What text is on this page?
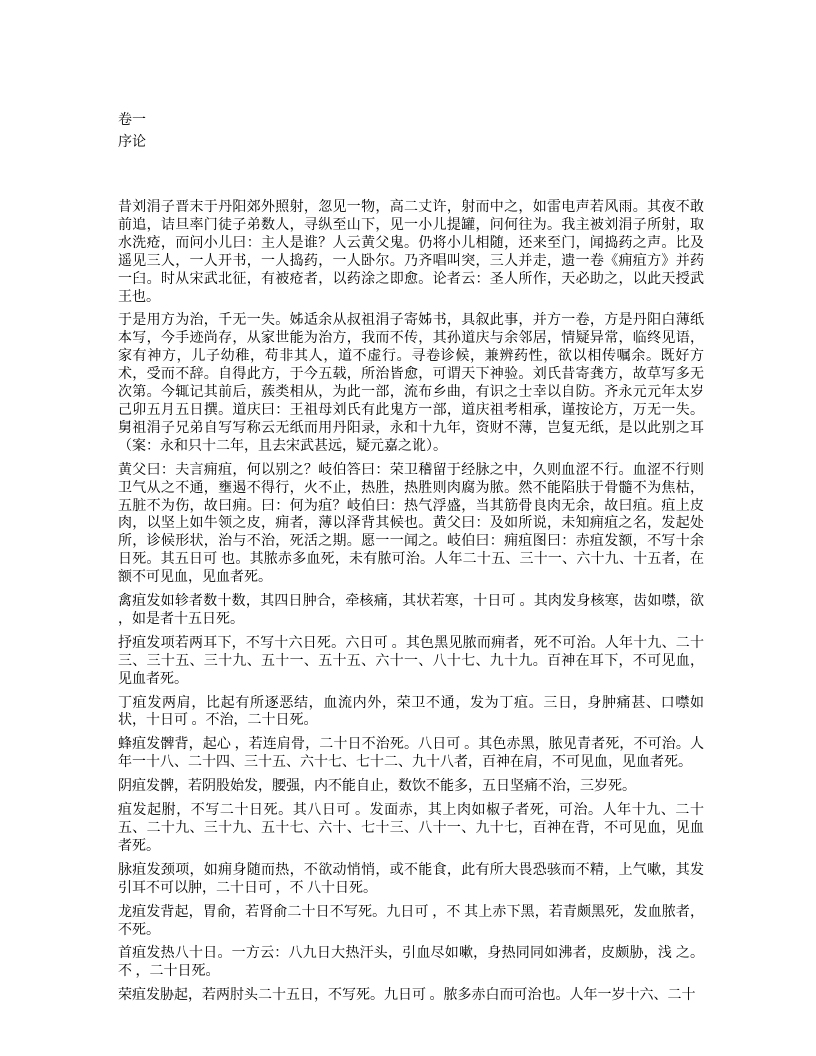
卷一
序论

昔刘涓子晋末于丹阳郊外照射，忽见一物，高二丈许，射而中之，如雷电声若风雨。其夜不敢前追，诘旦率门徒子弟数人，寻纵至山下，见一小儿提罐，问何往为。我主被刘涓子所射，取水洗疮，而问小儿曰：主人是谁？人云黄父鬼。仍将小儿相随，还来至门，闻捣药之声。比及遥见三人，一人开书，一人捣药，一人卧尔。乃齐唱叫突，三人并走，遗一卷《痈疽方》并药一臼。时从宋武北征，有被疮者，以药涂之即愈。论者云：圣人所作，天必助之，以此天授武王也。

于是用方为治，千无一失。姊适余从叔祖涓子寄姊书，具叙此事，并方一卷，方是丹阳白薄纸本写，今手迹尚存，从家世能为治方，我而不传，其孙道庆与余邻居，情疑异常，临终见语，家有神方，儿子幼稚，苟非其人，道不虚行。寻卷诊候，兼辨药性，欲以相传嘱余。既好方术，受而不辞。自得此方，于今五载，所治皆愈，可谓天下神验。刘氏昔寄龚方，故草写多无次第。今辄记其前后，蔟类相从，为此一部，流布乡曲，有识之士幸以自防。齐永元元年太岁己卯五月五日撰。道庆曰：王祖母刘氏有此鬼方一部，道庆祖考相承，谨按论方，万无一失。舅祖涓子兄弟自写写称云无纸而用丹阳录，永和十九年，资财不薄，岂复无纸，是以此别之耳（案：永和只十二年，且去宋武甚远，疑元嘉之讹）。

黄父曰：夫言痈疽，何以别之？岐伯答曰：荣卫稽留于经脉之中，久则血涩不行。血涩不行则卫气从之不通，壅遏不得行，火不止，热胜，热胜则肉腐为脓。然不能陷肤于骨髓不为焦枯，五脏不为伤，故曰痈。曰：何为疽？岐伯曰：热气浮盛，当其筋骨良肉无余，故曰疽。疽上皮肉，以坚上如牛领之皮，痈者，薄以泽背其候也。黄父曰：及如所说，未知痈疽之名，发起处所，诊候形状，治与不治，死活之期。愿一一闻之。岐伯曰：痈疽图曰：赤疽发额，不写十余日死。其五日可 也。其脓赤多血死，未有脓可治。人年二十五、三十一、六十九、十五者，在额不可见血，见血者死。

禽疽发如轸者数十数，其四日肿合，牵核痛，其状若寒，十日可 。其肉发身核寒，齿如噤，欲 ，如是者十五日死。

抒疽发项若两耳下，不写十六日死。六日可 。其色黑见脓而痈者，死不可治。人年十九、二十三、三十五、三十九、五十一、五十五、六十一、八十七、九十九。百神在耳下，不可见血，见血者死。

丁疽发两肩，比起有所逐恶结，血流内外，荣卫不通，发为丁疽。三日，身肿痛甚、口噤如 状，十日可 。不治，二十日死。

蜂疽发髀背，起心 ，若连肩骨，二十日不治死。八日可 。其色赤黑，脓见青者死，不可治。人年一十八、二十四、三十五、六十七、七十二、九十八者，百神在肩，不可见血，见血者死。

阴疽发髀，若阴股始发，腰强，内不能自止，数饮不能多，五日坚痛不治，三岁死。

疽发起胕，不写二十日死。其八日可 。发面赤，其上肉如椒子者死，可治。人年十九、二十五、二十九、三十九、五十七、六十、七十三、八十一、九十七，百神在背，不可见血，见血者死。

脉疽发颈项，如痈身随而热，不欲动悄悄，或不能食，此有所大畏恐骇而不精，上气嗽，其发引耳不可以肿，二十日可 ，不 八十日死。

龙疽发背起，胃俞，若肾俞二十日不写死。九日可 ，不 其上赤下黑，若青颇黑死，发血脓者，不死。

首疽发热八十日。一方云：八九日大热汗头，引血尽如嗽，身热同同如沸者，皮颇胁，浅 之。不 ，二十日死。

荣疽发胁起，若两肘头二十五日，不写死。九日可 。脓多赤白而可治也。人年一岁十六、二十
